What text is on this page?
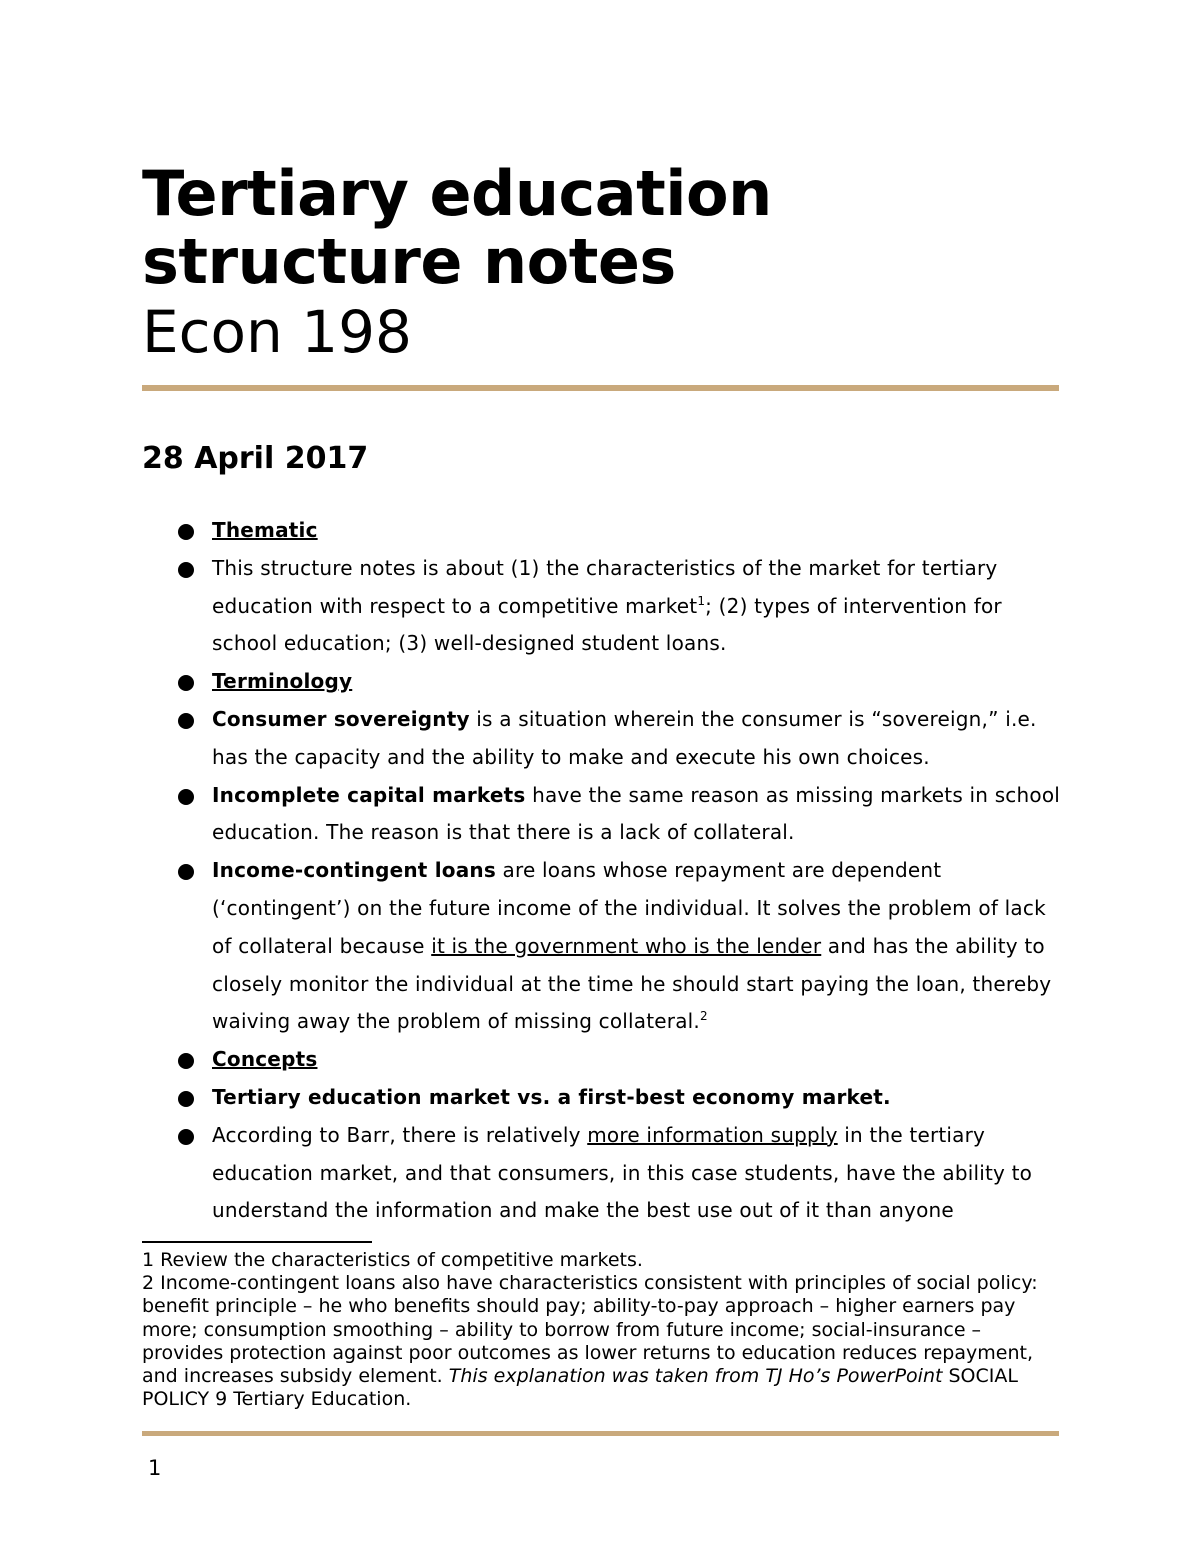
Tertiary education structure notes

Econ 198

28 April 2017
Thematic
This structure notes is about (1) the characteristics of the market for tertiary education with respect to a competitive market$^1$; (2) types of intervention for school education; (3) well-designed student loans.
Terminology
Consumer sovereignty is a situation wherein the consumer is “sovereign,” i.e. has the capacity and the ability to make and execute his own choices.
Incomplete capital markets have the same reason as missing markets in school education. The reason is that there is a lack of collateral.
Income-contingent loans are loans whose repayment are dependent (‘contingent’) on the future income of the individual. It solves the problem of lack of collateral because it is the government who is the lender and has the ability to closely monitor the individual at the time he should start paying the loan, thereby waiving away the problem of missing collateral.$^2$
Concepts
Tertiary education market vs. a first-best economy market.
According to Barr, there is relatively more information supply in the tertiary education market, and that consumers, in this case students, have the ability to understand the information and make the best use out of it than anyone

1 Review the characteristics of competitive markets.

2 Income-contingent loans also have characteristics consistent with principles of social policy: benefit principle – he who benefits should pay; ability-to-pay approach – higher earners pay more; consumption smoothing – ability to borrow from future income; social-insurance – provides protection against poor outcomes as lower returns to education reduces repayment, and increases subsidy element. This explanation was taken from TJ Ho’s PowerPoint SOCIAL POLICY 9 Tertiary Education.

1
